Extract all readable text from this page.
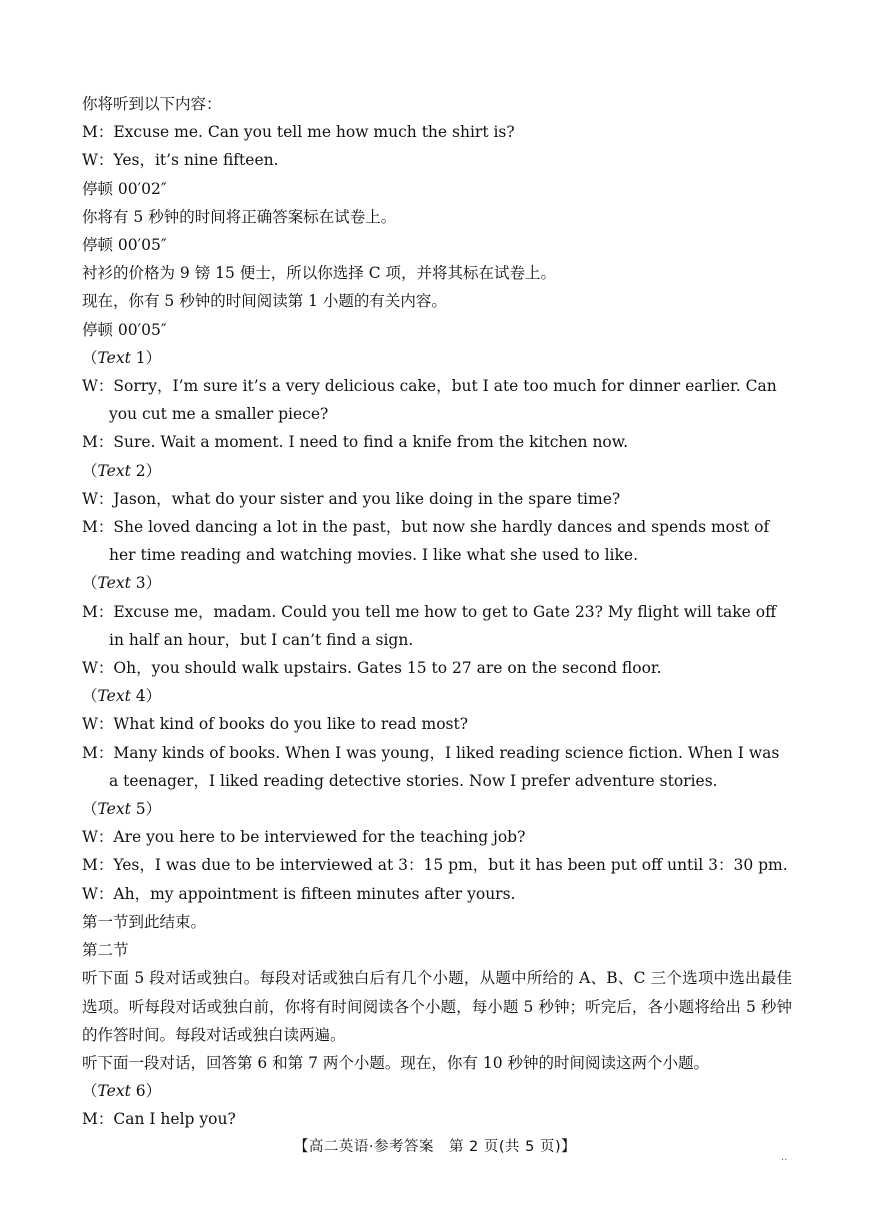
你将听到以下内容：
M：Excuse me. Can you tell me how much the shirt is?
W：Yes，it’s nine fifteen.
停顿 00′02″
你将有 5 秒钟的时间将正确答案标在试卷上。
停顿 00′05″
衬衫的价格为 9 镑 15 便士，所以你选择 C 项，并将其标在试卷上。
现在，你有 5 秒钟的时间阅读第 1 小题的有关内容。
停顿 00′05″
（Text 1）
W：Sorry，I’m sure it’s a very delicious cake，but I ate too much for dinner earlier. Can you cut me a smaller piece?
M：Sure. Wait a moment. I need to find a knife from the kitchen now.
（Text 2）
W：Jason，what do your sister and you like doing in the spare time?
M：She loved dancing a lot in the past，but now she hardly dances and spends most of her time reading and watching movies. I like what she used to like.
（Text 3）
M：Excuse me，madam. Could you tell me how to get to Gate 23? My flight will take off in half an hour，but I can’t find a sign.
W：Oh，you should walk upstairs. Gates 15 to 27 are on the second floor.
（Text 4）
W：What kind of books do you like to read most?
M：Many kinds of books. When I was young，I liked reading science fiction. When I was a teenager，I liked reading detective stories. Now I prefer adventure stories.
（Text 5）
W：Are you here to be interviewed for the teaching job?
M：Yes，I was due to be interviewed at 3：15 pm，but it has been put off until 3：30 pm.
W：Ah，my appointment is fifteen minutes after yours.
第一节到此结束。
第二节
听下面 5 段对话或独白。每段对话或独白后有几个小题，从题中所给的 A、B、C 三个选项中选出最佳选项。听每段对话或独白前，你将有时间阅读各个小题，每小题 5 秒钟；听完后，各小题将给出 5 秒钟的作答时间。每段对话或独白读两遍。
听下面一段对话，回答第 6 和第 7 两个小题。现在，你有 10 秒钟的时间阅读这两个小题。
（Text 6）
M：Can I help you?
【高二英语·参考答案　第 2 页(共 5 页)】
..
